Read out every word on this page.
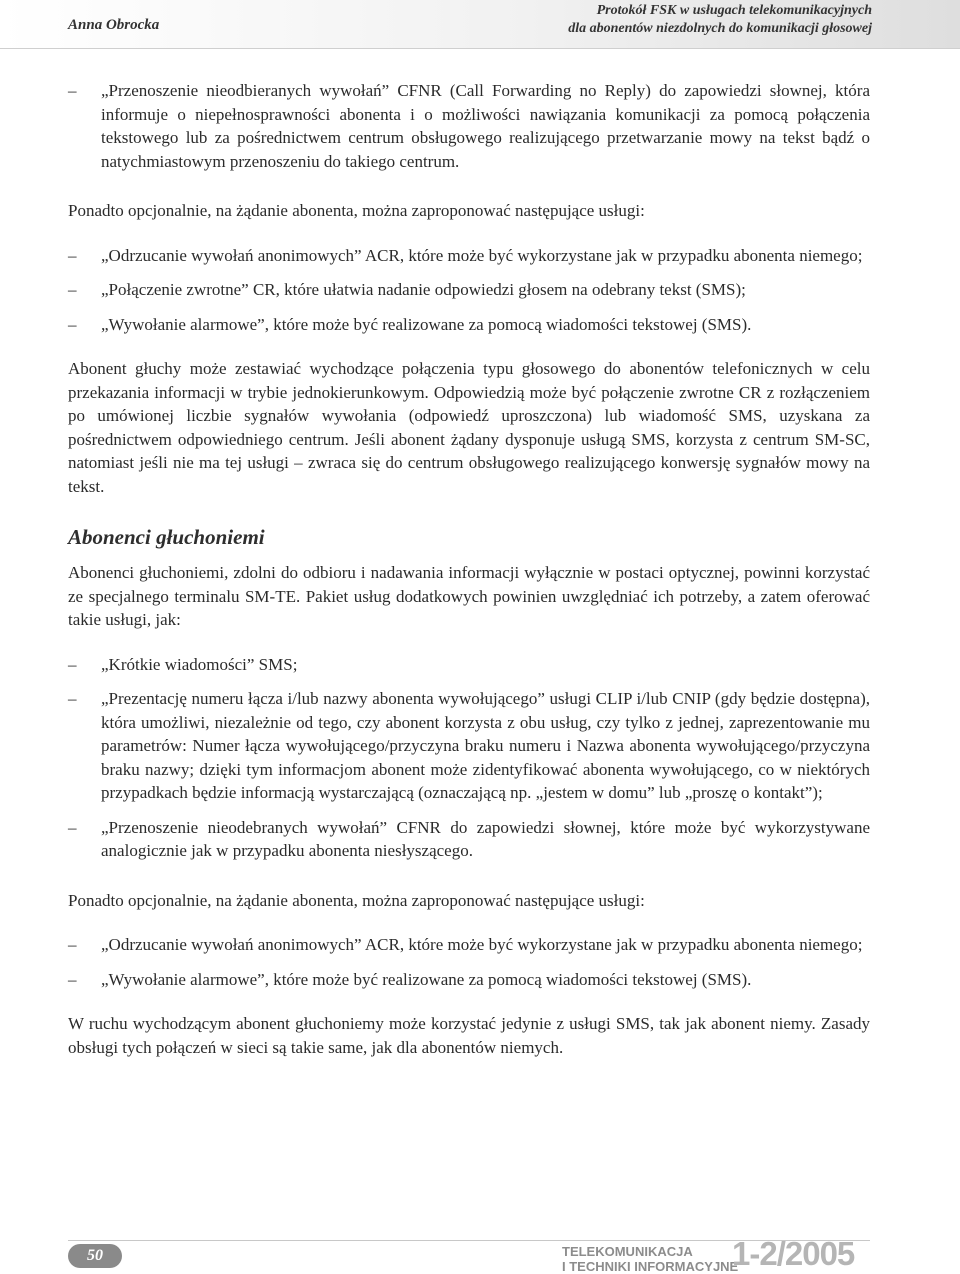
Anna Obrocka
Protokół FSK w usługach telekomunikacyjnych
dla abonentów niezdolnych do komunikacji głosowej
– „Przenoszenie nieodbieranych wywołań” CFNR (Call Forwarding no Reply) do zapowiedzi słownej, która informuje o niepełnosprawności abonenta i o możliwości nawiązania komunikacji za pomocą połączenia tekstowego lub za pośrednictwem centrum obsługowego realizującego przetwarzanie mowy na tekst bądź o natychmiastowym przenoszeniu do takiego centrum.

Ponadto opcjonalnie, na żądanie abonenta, można zaproponować następujące usługi:

– „Odrzucanie wywołań anonimowych” ACR, które może być wykorzystane jak w przypadku abonenta niemego;
– „Połączenie zwrotne” CR, które ułatwia nadanie odpowiedzi głosem na odebrany tekst (SMS);
– „Wywołanie alarmowe”, które może być realizowane za pomocą wiadomości tekstowej (SMS).

Abonent głuchy może zestawiać wychodzące połączenia typu głosowego do abonentów telefonicznych w celu przekazania informacji w trybie jednokierunkowym. Odpowiedzią może być połączenie zwrotne CR z rozłączeniem po umówionej liczbie sygnałów wywołania (odpowiedź uproszczona) lub wiadomość SMS, uzyskana za pośrednictwem odpowiedniego centrum. Jeśli abonent żądany dysponuje usługą SMS, korzysta z centrum SM-SC, natomiast jeśli nie ma tej usługi – zwraca się do centrum obsługowego realizującego konwersję sygnałów mowy na tekst.

Abonenci głuchoniemi

Abonenci głuchoniemi, zdolni do odbioru i nadawania informacji wyłącznie w postaci optycznej, powinni korzystać ze specjalnego terminalu SM-TE. Pakiet usług dodatkowych powinien uwzględniać ich potrzeby, a zatem oferować takie usługi, jak:

– „Krótkie wiadomości” SMS;
– „Prezentację numeru łącza i/lub nazwy abonenta wywołującego” usługi CLIP i/lub CNIP (gdy będzie dostępna), która umożliwi, niezależnie od tego, czy abonent korzysta z obu usług, czy tylko z jednej, zaprezentowanie mu parametrów: Numer łącza wywołującego/przyczyna braku numeru i Nazwa abonenta wywołującego/przyczyna braku nazwy; dzięki tym informacjom abonent może zidentyfikować abonenta wywołującego, co w niektórych przypadkach będzie informacją wystarczającą (oznaczającą np. „jestem w domu” lub „proszę o kontakt”);
– „Przenoszenie nieodebranych wywołań” CFNR do zapowiedzi słownej, które może być wykorzystywane analogicznie jak w przypadku abonenta niesłyszącego.

Ponadto opcjonalnie, na żądanie abonenta, można zaproponować następujące usługi:

– „Odrzucanie wywołań anonimowych” ACR, które może być wykorzystane jak w przypadku abonenta niemego;
– „Wywołanie alarmowe”, które może być realizowane za pomocą wiadomości tekstowej (SMS).

W ruchu wychodzącym abonent głuchoniemy może korzystać jedynie z usługi SMS, tak jak abonent niemy. Zasady obsługi tych połączeń w sieci są takie same, jak dla abonentów niemych.

50	TELEKOMUNIKACJA
I TECHNIKI INFORMACYJNE
1-2/2005
